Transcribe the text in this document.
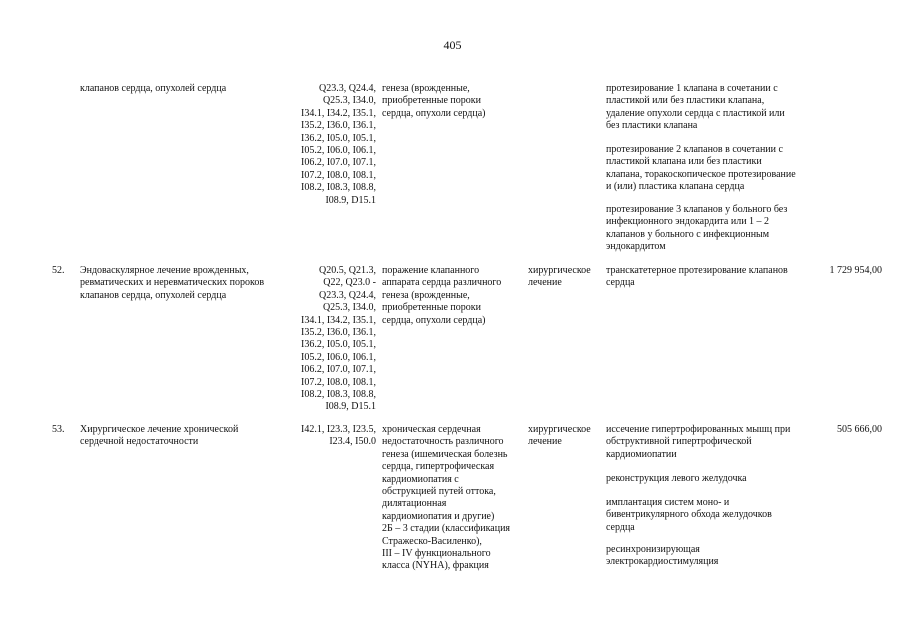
405
клапанов сердца, опухолей сердца	Q23.3, Q24.4,
Q25.3, I34.0,
I34.1, I34.2, I35.1,
I35.2, I36.0, I36.1,
I36.2, I05.0, I05.1,
I05.2, I06.0, I06.1,
I06.2, I07.0, I07.1,
I07.2, I08.0, I08.1,
I08.2, I08.3, I08.8,
I08.9, D15.1
генеза (врожденные,
приобретенные пороки
сердца, опухоли сердца)
протезирование 1 клапана в сочетании с
пластикой или без пластики клапана,
удаление опухоли сердца с пластикой или
без пластики клапана
протезирование 2 клапанов в сочетании с
пластикой клапана или без пластики
клапана, торакоскопическое протезирование
и (или) пластика клапана сердца
протезирование 3 клапанов у больного без
инфекционного эндокардита или 1 – 2
клапанов у больного с инфекционным
эндокардитом
52. Эндоваскулярное лечение врожденных,
ревматических и неревматических пороков
клапанов сердца, опухолей сердца
Q20.5, Q21.3,
Q22, Q23.0 -
Q23.3, Q24.4,
Q25.3, I34.0,
I34.1, I34.2, I35.1,
I35.2, I36.0, I36.1,
I36.2, I05.0, I05.1,
I05.2, I06.0, I06.1,
I06.2, I07.0, I07.1,
I07.2, I08.0, I08.1,
I08.2, I08.3, I08.8,
I08.9, D15.1
поражение клапанного
аппарата сердца различного
генеза (врожденные,
приобретенные пороки
сердца, опухоли сердца)
хирургическое
лечение
транскатетерное протезирование клапанов
сердца
1 729 954,00
53. Хирургическое лечение хронической
сердечной недостаточности
I42.1, I23.3, I23.5,
I23.4, I50.0
хроническая сердечная
недостаточность различного
генеза (ишемическая болезнь
сердца, гипертрофическая
кардиомиопатия с
обструкцией путей оттока,
дилятационная
кардиомиопатия и другие)
2Б – 3 стадии (классификация
Стражеско-Василенко),
III – IV функционального
класса (NYHA), фракция
хирургическое
лечение
иссечение гипертрофированных мышц при
обструктивной гипертрофической
кардиомиопатии
реконструкция левого желудочка
имплантация систем моно- и
бивентрикулярного обхода желудочков
сердца
ресинхронизирующая
электрокардиостимуляция
505 666,00
